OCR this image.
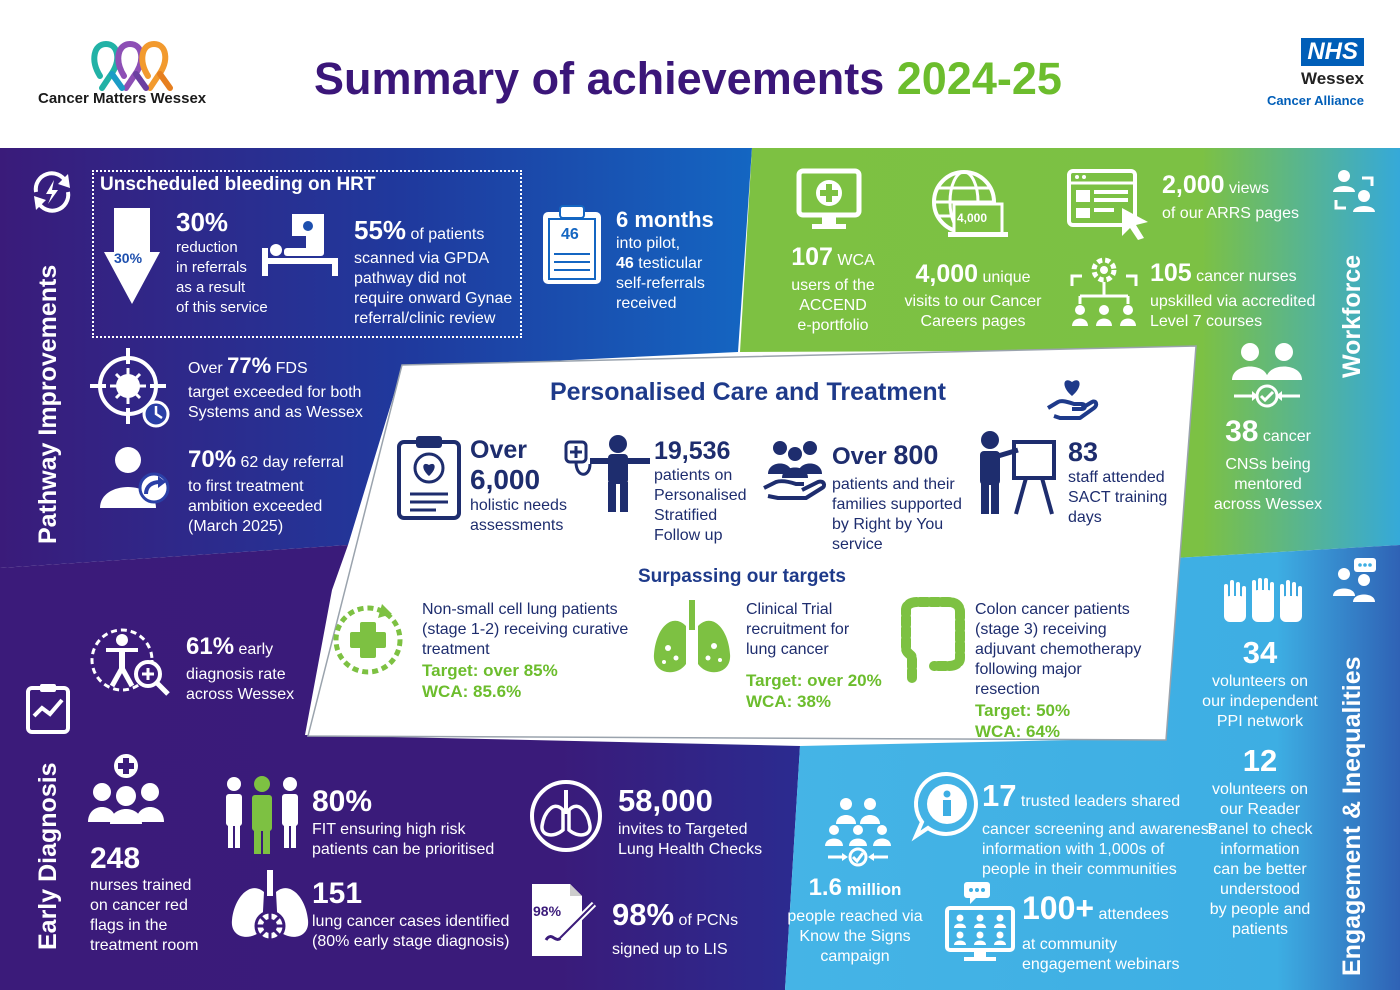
Cancer Matters Wessex Summary of achievements 2024-25
NHS
Wessex
Cancer Alliance
Pathway Improvements	Workforce
Early Diagnosis	Engagement & Inequalities
Unscheduled bleeding on HRT
30%
30%
reduction
in referrals
as a result
of this service
55% of patients
scanned via GPDA
pathway did not
require onward Gynae
referral/clinic review
46
6 months
into pilot,
46 testicular
self-referrals
received
Over 77% FDS
target exceeded for both
Systems and as Wessex
70% 62 day referral
to first treatment
ambition exceeded
(March 2025)
107 WCA
users of the
ACCEND
e-portfolio
4,000
4,000 unique
visits to our Cancer
Careers pages
2,000 views
of our ARRS pages
105 cancer nurses
upskilled via accredited
Level 7 courses
38 cancer
CNSs being
mentored
across Wessex
Personalised Care and Treatment
Over
6,000
holistic needs
assessments
19,536
patients on
Personalised
Stratified
Follow up
Over 800
patients and their
families supported
by Right by You
service
83
staff attended
SACT training
days
Surpassing our targets
Non-small cell lung patients
(stage 1-2) receiving curative
treatment
Target: over 85%
WCA: 85.6%
Clinical Trial
recruitment for
lung cancer
Target: over 20%
WCA: 38%
Colon cancer patients
(stage 3) receiving
adjuvant chemotherapy
following major
resection
Target: 50%
WCA: 64%
61% early
diagnosis rate
across Wessex
248
nurses trained
on cancer red
flags in the
treatment room
80%
FIT ensuring high risk
patients can be prioritised
151
lung cancer cases identified
(80% early stage diagnosis)
58,000
invites to Targeted
Lung Health Checks
98% 98% of PCNs
signed up to LIS
34
volunteers on
our independent
PPI network
12
volunteers on
our Reader
Panel to check
information
can be better
understood
by people and
patients
17 trusted leaders shared
cancer screening and awareness
information with 1,000s of
people in their communities
1.6 million
people reached via
Know the Signs
campaign
100+ attendees
at community
engagement webinars
